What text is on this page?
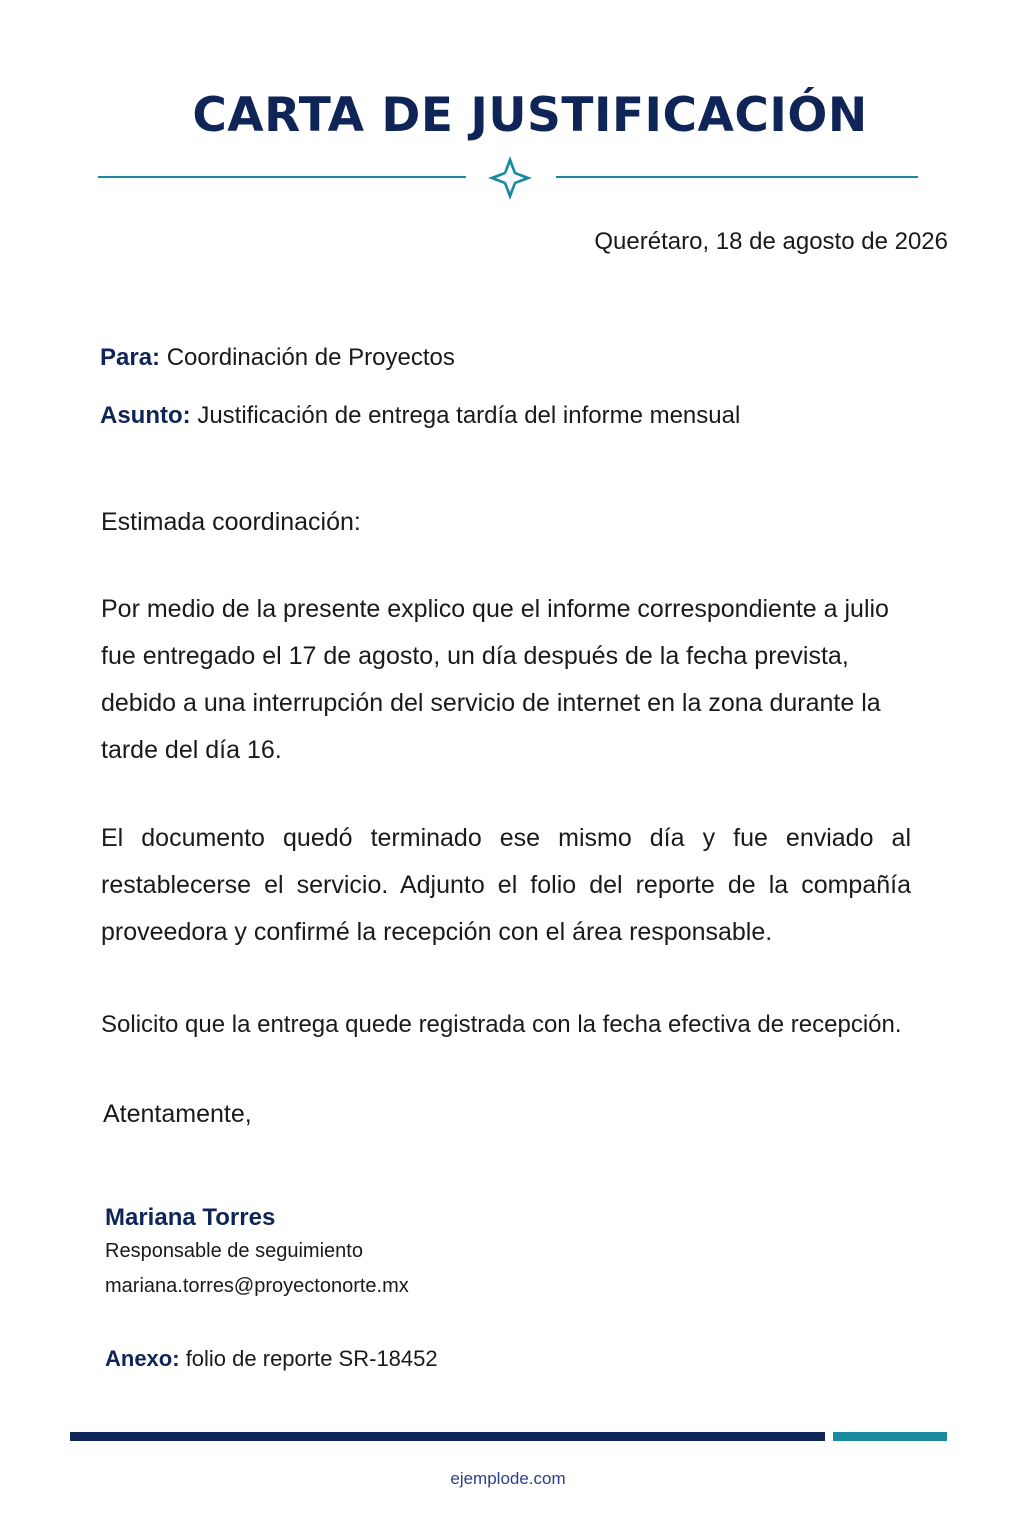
CARTA DE JUSTIFICACIÓN
Querétaro, 18 de agosto de 2026
Para: Coordinación de Proyectos
Asunto: Justificación de entrega tardía del informe mensual
Estimada coordinación:

Por medio de la presente explico que el informe correspondiente a julio fue entregado el 17 de agosto, un día después de la fecha prevista, debido a una interrupción del servicio de internet en la zona durante la tarde del día 16.

El documento quedó terminado ese mismo día y fue enviado al restablecerse el servicio. Adjunto el folio del reporte de la compañía proveedora y confirmé la recepción con el área responsable.

Solicito que la entrega quede registrada con la fecha efectiva de recepción.

Atentamente,
Mariana Torres
Responsable de seguimiento
mariana.torres@proyectonorte.mx
Anexo: folio de reporte SR-18452
ejemplode.com
